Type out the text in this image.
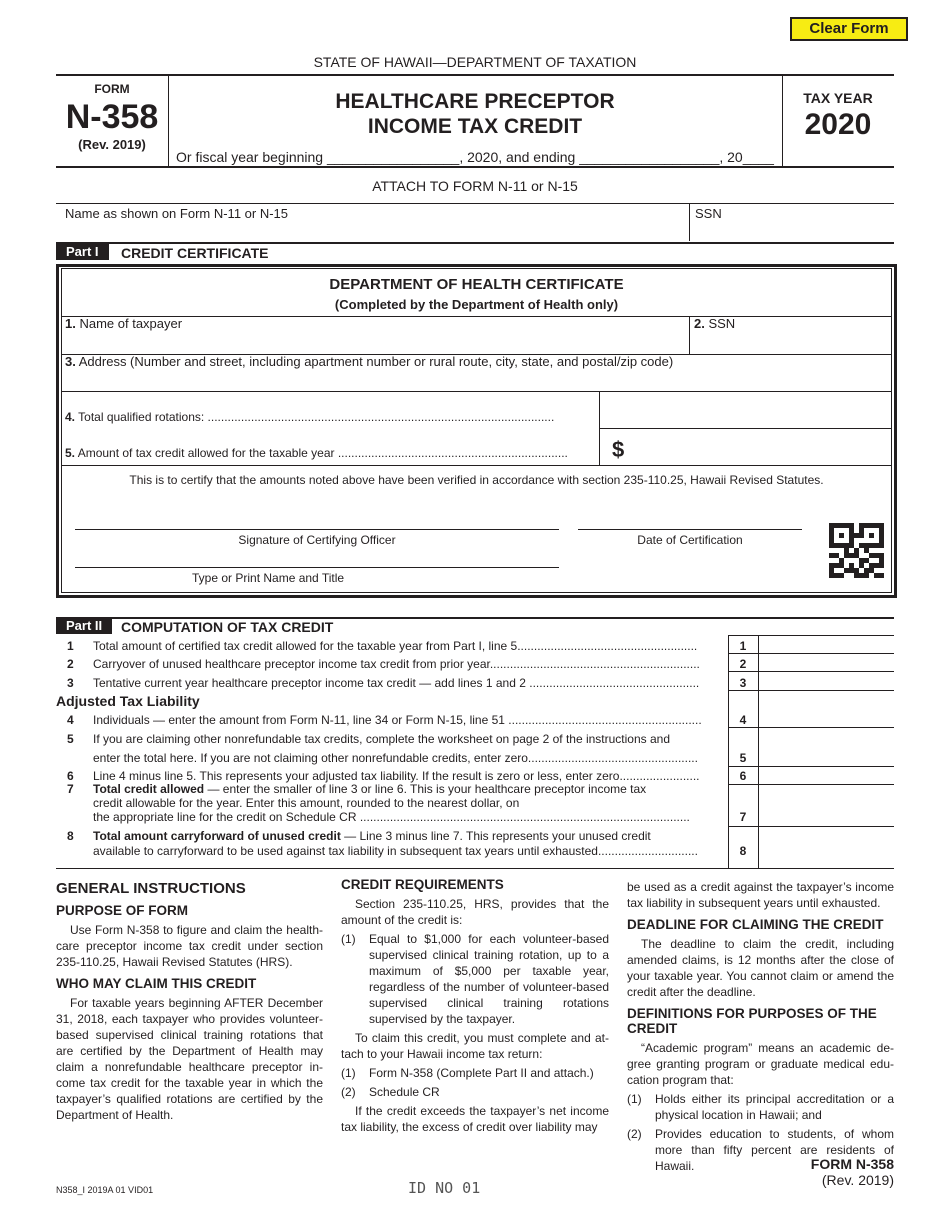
Clear Form
STATE OF HAWAII—DEPARTMENT OF TAXATION
FORM
N-358
(Rev. 2019)
HEALTHCARE PRECEPTOR
INCOME TAX CREDIT
Or fiscal year beginning _________________, 2020, and ending __________________, 20____
TAX YEAR
2020
ATTACH TO FORM N-11 or N-15
Name as shown on Form N-11 or N-15	SSN
Part I	CREDIT CERTIFICATE
DEPARTMENT OF HEALTH CERTIFICATE
(Completed by the Department of Health only)
1. Name of taxpayer	2. SSN
3. Address (Number and street, including apartment number or rural route, city, state, and postal/zip code)
4. Total qualified rotations: ........................................................................................................
5. Amount of tax credit allowed for the taxable year .....................................................................	$
This is to certify that the amounts noted above have been verified in accordance with section 235-110.25, Hawaii Revised Statutes.
Signature of Certifying Officer	Date of Certification
Type or Print Name and Title
Part II	COMPUTATION OF TAX CREDIT
1 Total amount of certified tax credit allowed for the taxable year from Part I, line 5......................................................	1
2 Carryover of unused healthcare preceptor income tax credit from prior year...............................................................	2
3 Tentative current year healthcare preceptor income tax credit — add lines 1 and 2 ...................................................	3
Adjusted Tax Liability
4 Individuals — enter the amount from Form N-11, line 34 or Form N-15, line 51 ..........................................................	4
5 If you are claiming other nonrefundable tax credits, complete the worksheet on page 2 of the instructions and
enter the total here. If you are not claiming other nonrefundable credits, enter zero...................................................	5
6 Line 4 minus line 5. This represents your adjusted tax liability. If the result is zero or less, enter zero........................	6
7 Total credit allowed — enter the smaller of line 3 or line 6. This is your healthcare preceptor income tax
credit allowable for the year. Enter this amount, rounded to the nearest dollar, on
the appropriate line for the credit on Schedule CR ...................................................................................................	7
8 Total amount carryforward of unused credit — Line 3 minus line 7. This represents your unused credit
available to carryforward to be used against tax liability in subsequent tax years until exhausted..............................	8
GENERAL INSTRUCTIONS
PURPOSE OF FORM

Use Form N-358 to figure and claim the health-care preceptor income tax credit under section 235-110.25, Hawaii Revised Statutes (HRS).

WHO MAY CLAIM THIS CREDIT

For taxable years beginning AFTER December 31, 2018, each taxpayer who provides volunteer-based supervised clinical training rotations that are certified by the Department of Health may claim a nonrefundable healthcare preceptor in-come tax credit for the taxable year in which the taxpayer’s qualified rotations are certified by the Department of Health.

CREDIT REQUIREMENTS

Section 235-110.25, HRS, provides that the amount of the credit is:

(1) Equal to $1,000 for each volunteer-based supervised clinical training rotation, up to a maximum of $5,000 per taxable year, regardless of the number of volunteer-based supervised clinical training rotations supervised by the taxpayer.

To claim this credit, you must complete and at-tach to your Hawaii income tax return:

(1) Form N-358 (Complete Part II and attach.)
(2) Schedule CR

If the credit exceeds the taxpayer’s net income tax liability, the excess of credit over liability may

be used as a credit against the taxpayer’s income tax liability in subsequent years until exhausted.

DEADLINE FOR CLAIMING THE CREDIT

The deadline to claim the credit, including amended claims, is 12 months after the close of your taxable year. You cannot claim or amend the credit after the deadline.

DEFINITIONS FOR PURPOSES OF THE CREDIT

“Academic program” means an academic de-gree granting program or graduate medical edu-cation program that:

(1) Holds either its principal accreditation or a physical location in Hawaii; and
(2) Provides education to students, of whom more than fifty percent are residents of Hawaii.
N358_I 2019A 01 VID01	ID NO 01
FORM N-358
(Rev. 2019)
